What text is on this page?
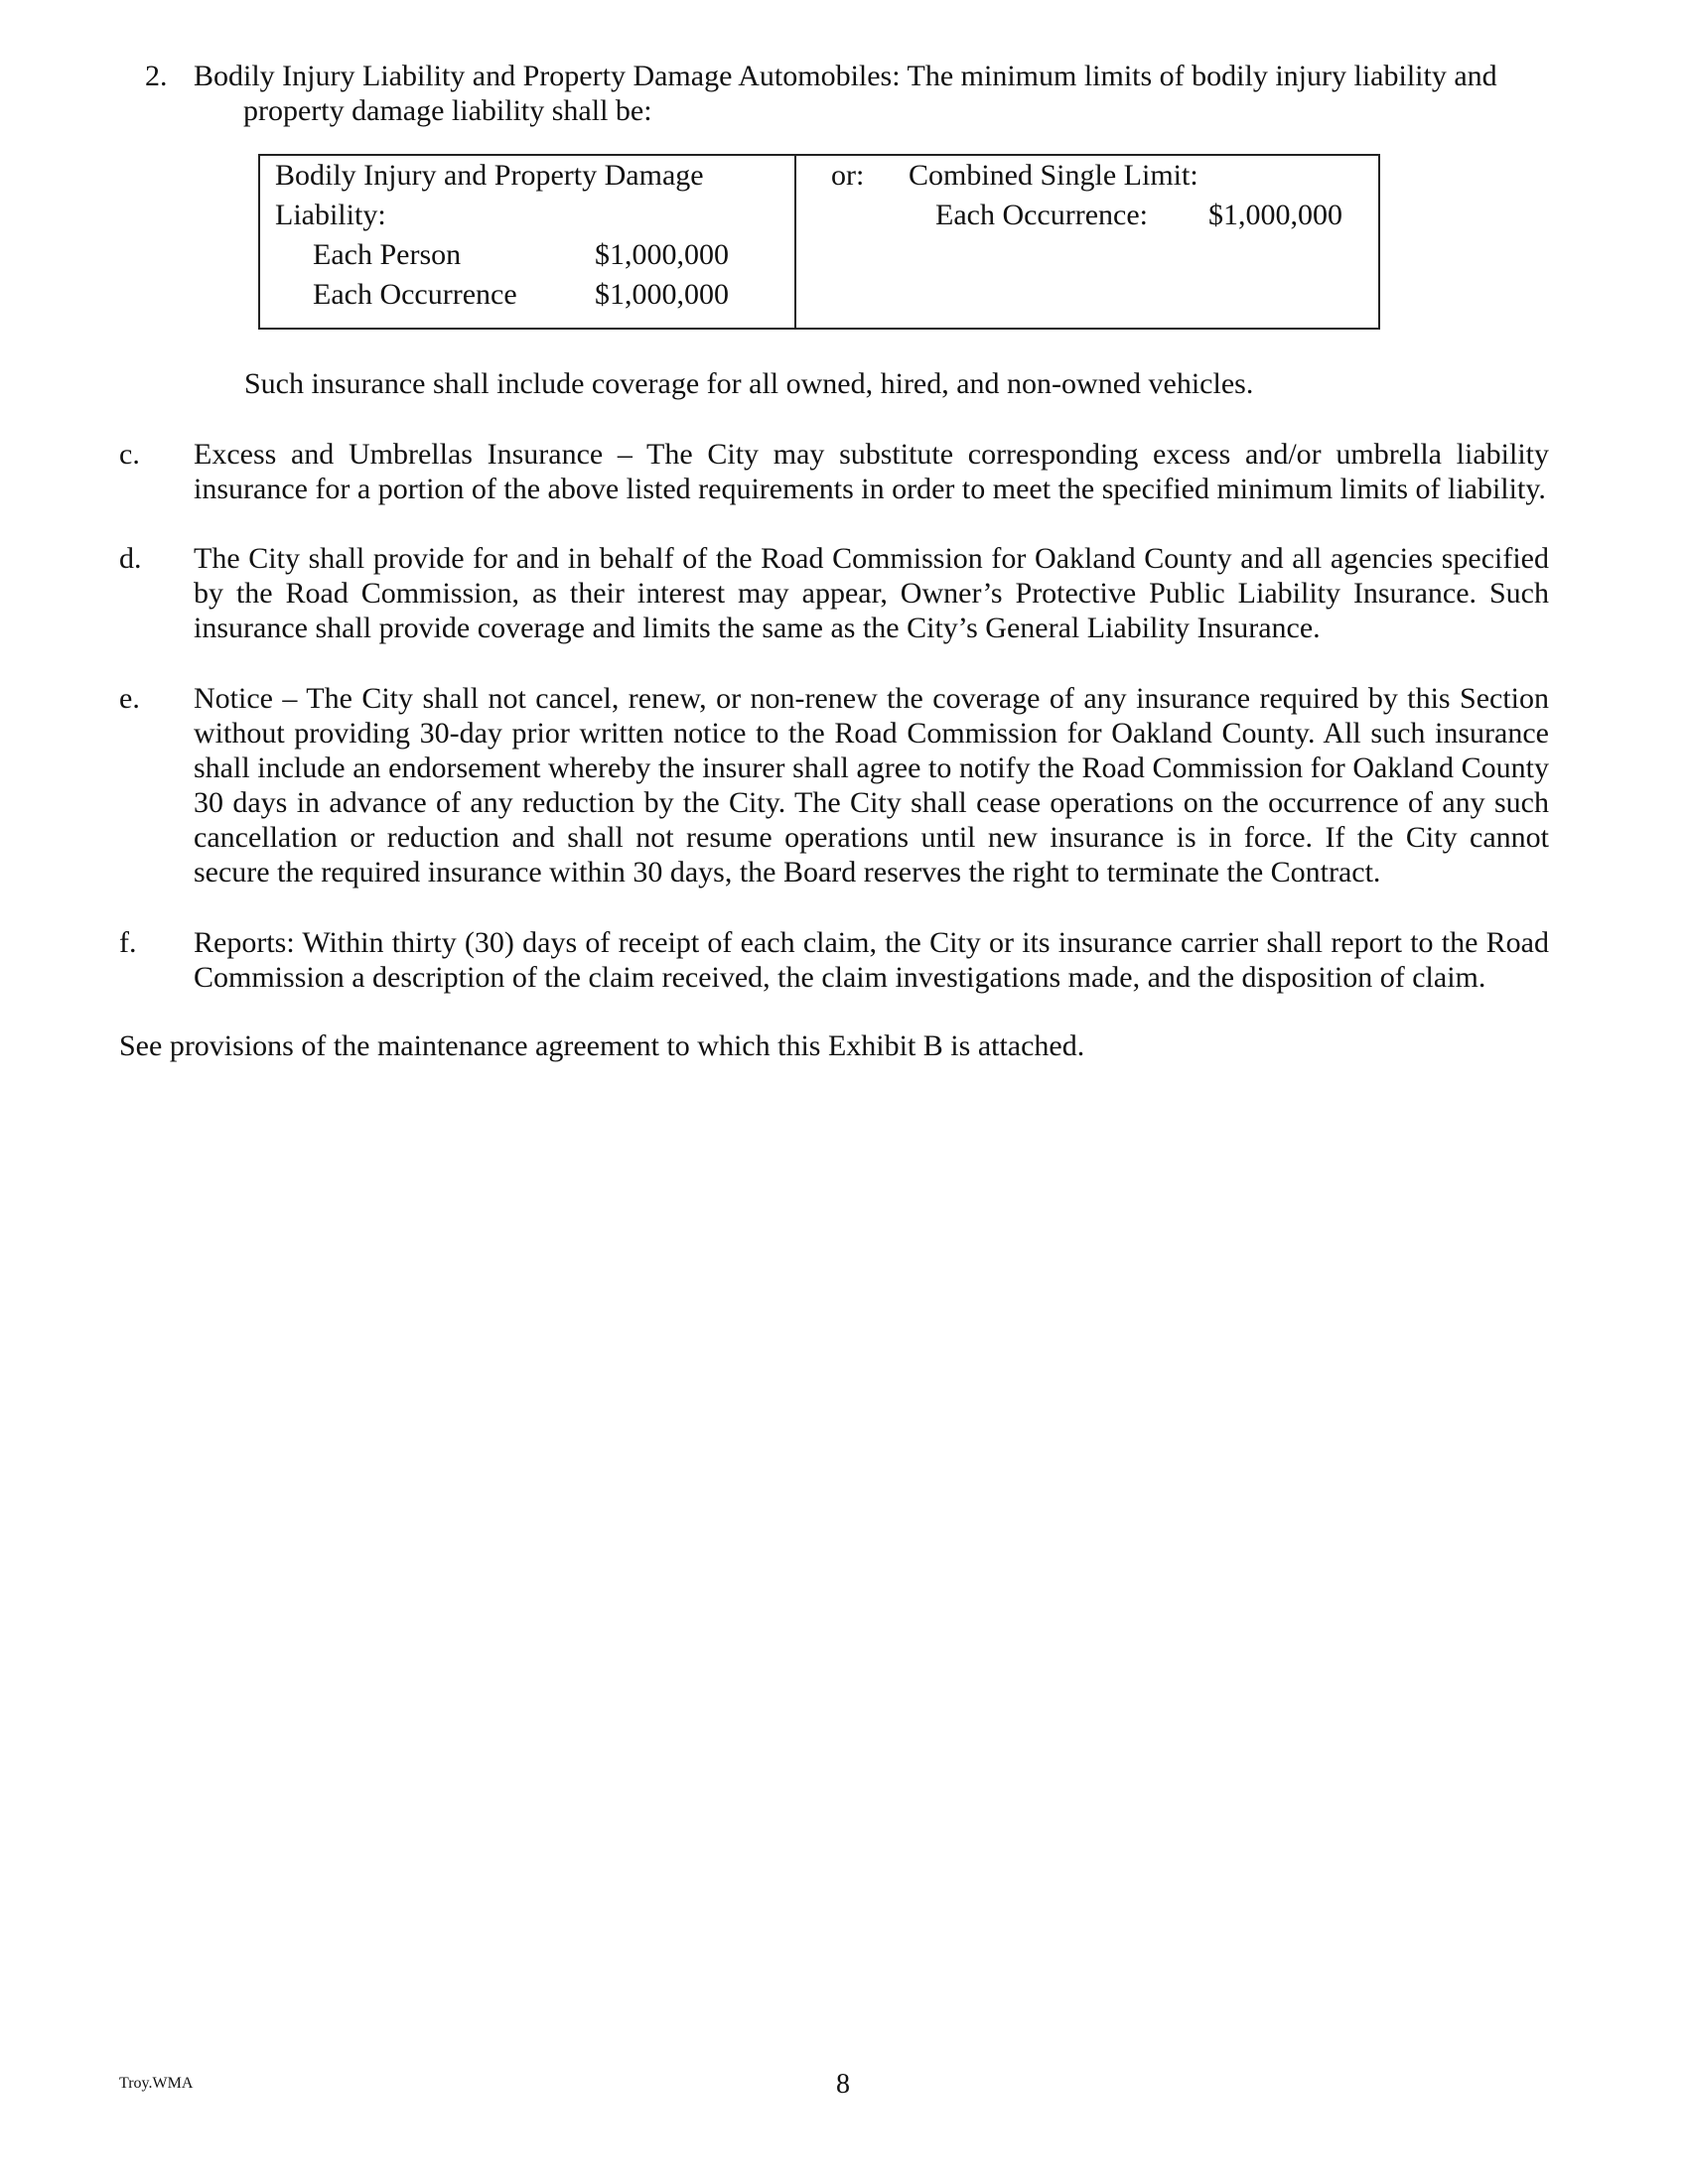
2. Bodily Injury Liability and Property Damage Automobiles: The minimum limits of bodily injury liability and
property damage liability shall be:
Bodily Injury and Property Damage
Liability:
Each Person	$1,000,000
Each Occurrence	$1,000,000
or: Combined Single Limit:
Each Occurrence: $1,000,000
Such insurance shall include coverage for all owned, hired, and non-owned vehicles.
c. Excess and Umbrellas Insurance – The City may substitute corresponding excess and/or umbrella liability
insurance for a portion of the above listed requirements in order to meet the specified minimum limits of liability.
d. The City shall provide for and in behalf of the Road Commission for Oakland County and all agencies specified
by the Road Commission, as their interest may appear, Owner’s Protective Public Liability Insurance. Such
insurance shall provide coverage and limits the same as the City’s General Liability Insurance.
e. Notice – The City shall not cancel, renew, or non-renew the coverage of any insurance required by this Section
without providing 30-day prior written notice to the Road Commission for Oakland County. All such insurance
shall include an endorsement whereby the insurer shall agree to notify the Road Commission for Oakland County
30 days in advance of any reduction by the City. The City shall cease operations on the occurrence of any such
cancellation or reduction and shall not resume operations until new insurance is in force. If the City cannot
secure the required insurance within 30 days, the Board reserves the right to terminate the Contract.
f. Reports: Within thirty (30) days of receipt of each claim, the City or its insurance carrier shall report to the Road
Commission a description of the claim received, the claim investigations made, and the disposition of claim.
See provisions of the maintenance agreement to which this Exhibit B is attached.
Troy.WMA	8
